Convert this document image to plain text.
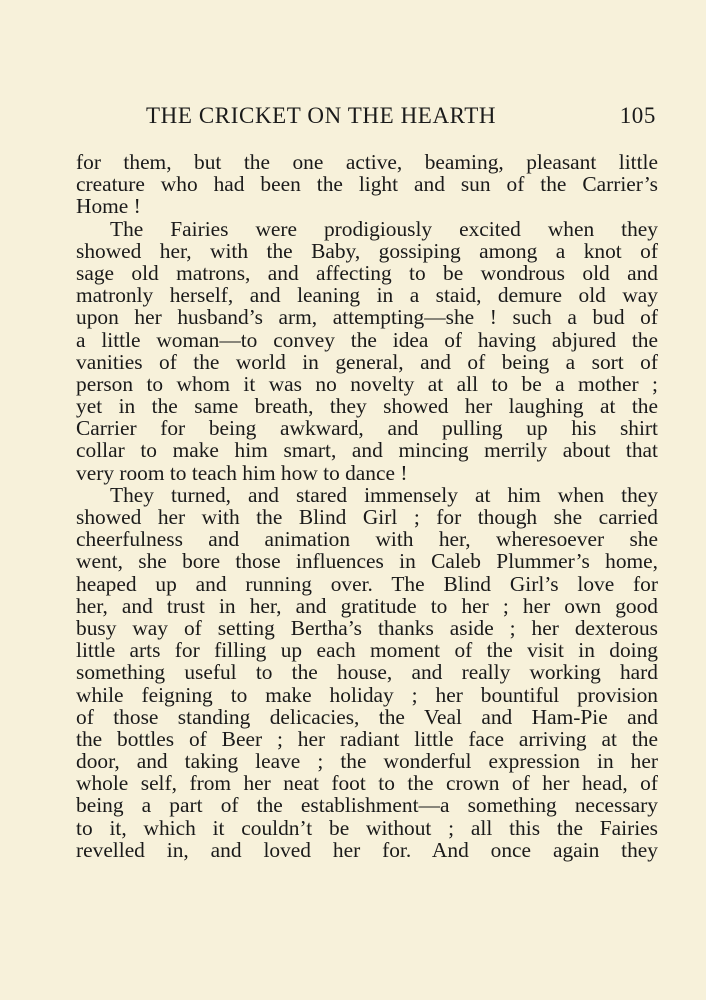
THE CRICKET ON THE HEARTH	105
for them, but the one active, beaming, pleasant little
creature who had been the light and sun of the Carrier’s
Home !
The Fairies were prodigiously excited when they
showed her, with the Baby, gossiping among a knot of
sage old matrons, and affecting to be wondrous old and
matronly herself, and leaning in a staid, demure old way
upon her husband’s arm, attempting—she ! such a bud of
a little woman—to convey the idea of having abjured the
vanities of the world in general, and of being a sort of
person to whom it was no novelty at all to be a mother ;
yet in the same breath, they showed her laughing at the
Carrier for being awkward, and pulling up his shirt
collar to make him smart, and mincing merrily about that
very room to teach him how to dance !
They turned, and stared immensely at him when they
showed her with the Blind Girl ; for though she carried
cheerfulness and animation with her, wheresoever she
went, she bore those influences in Caleb Plummer’s home,
heaped up and running over. The Blind Girl’s love for
her, and trust in her, and gratitude to her ; her own good
busy way of setting Bertha’s thanks aside ; her dexterous
little arts for filling up each moment of the visit in doing
something useful to the house, and really working hard
while feigning to make holiday ; her bountiful provision
of those standing delicacies, the Veal and Ham-Pie and
the bottles of Beer ; her radiant little face arriving at the
door, and taking leave ; the wonderful expression in her
whole self, from her neat foot to the crown of her head, of
being a part of the establishment—a something necessary
to it, which it couldn’t be without ; all this the Fairies
revelled in, and loved her for. And once again they
